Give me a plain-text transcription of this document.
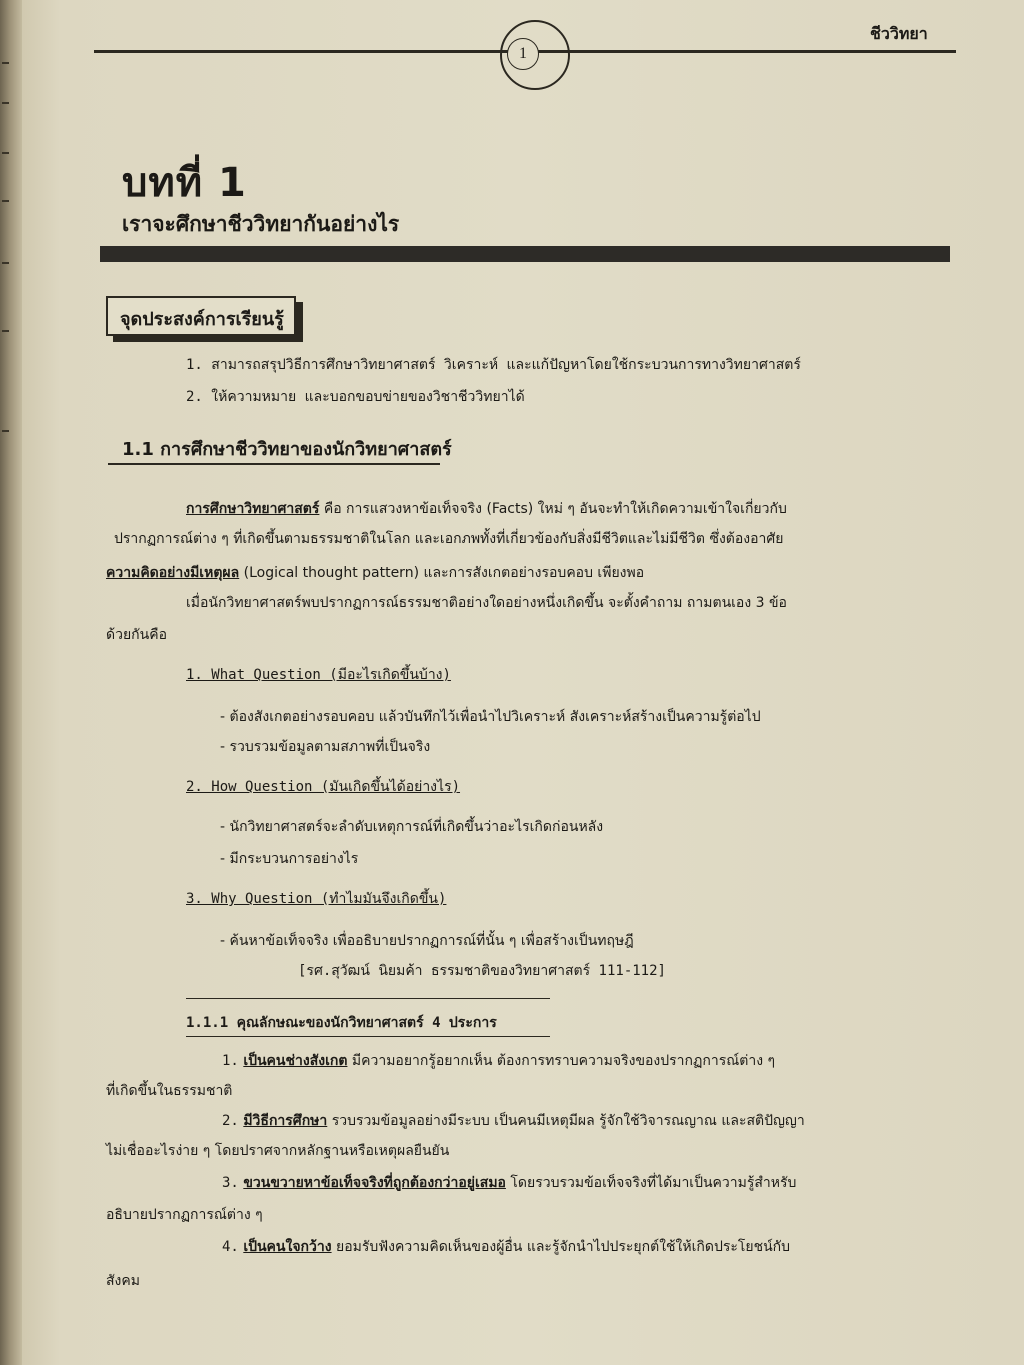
1
ชีววิทยา
บทที่ 1
เราจะศึกษาชีววิทยากันอย่างไร
จุดประสงค์การเรียนรู้
1. สามารถสรุปวิธีการศึกษาวิทยาศาสตร์ วิเคราะห์ และแก้ปัญหาโดยใช้กระบวนการทางวิทยาศาสตร์
2. ให้ความหมาย และบอกขอบข่ายของวิชาชีววิทยาได้
1.1 การศึกษาชีววิทยาของนักวิทยาศาสตร์
การศึกษาวิทยาศาสตร์ คือ การแสวงหาข้อเท็จจริง (Facts) ใหม่ ๆ อันจะทำให้เกิดความเข้าใจเกี่ยวกับ
ปรากฏการณ์ต่าง ๆ ที่เกิดขึ้นตามธรรมชาติในโลก และเอกภพทั้งที่เกี่ยวข้องกับสิ่งมีชีวิตและไม่มีชีวิต ซึ่งต้องอาศัย
ความคิดอย่างมีเหตุผล (Logical thought pattern) และการสังเกตอย่างรอบคอบ เพียงพอ
เมื่อนักวิทยาศาสตร์พบปรากฏการณ์ธรรมชาติอย่างใดอย่างหนึ่งเกิดขึ้น จะตั้งคำถาม ถามตนเอง 3 ข้อ
ด้วยกันคือ
1. What Question (มีอะไรเกิดขึ้นบ้าง)
- ต้องสังเกตอย่างรอบคอบ แล้วบันทึกไว้เพื่อนำไปวิเคราะห์ สังเคราะห์สร้างเป็นความรู้ต่อไป
- รวบรวมข้อมูลตามสภาพที่เป็นจริง
2. How Question (มันเกิดขึ้นได้อย่างไร)
- นักวิทยาศาสตร์จะลำดับเหตุการณ์ที่เกิดขึ้นว่าอะไรเกิดก่อนหลัง
- มีกระบวนการอย่างไร
3. Why Question (ทำไมมันจึงเกิดขึ้น)
- ค้นหาข้อเท็จจริง เพื่ออธิบายปรากฏการณ์ที่นั้น ๆ เพื่อสร้างเป็นทฤษฎี
[รศ.สุวัฒน์ นิยมค้า ธรรมชาติของวิทยาศาสตร์ 111-112]
1.1.1 คุณลักษณะของนักวิทยาศาสตร์ 4 ประการ
1. เป็นคนช่างสังเกต มีความอยากรู้อยากเห็น ต้องการทราบความจริงของปรากฏการณ์ต่าง ๆ
ที่เกิดขึ้นในธรรมชาติ
2. มีวิธีการศึกษา รวบรวมข้อมูลอย่างมีระบบ เป็นคนมีเหตุมีผล รู้จักใช้วิจารณญาณ และสติปัญญา
ไม่เชื่ออะไรง่าย ๆ โดยปราศจากหลักฐานหรือเหตุผลยืนยัน
3. ขวนขวายหาข้อเท็จจริงที่ถูกต้องกว่าอยู่เสมอ โดยรวบรวมข้อเท็จจริงที่ได้มาเป็นความรู้สำหรับ
อธิบายปรากฏการณ์ต่าง ๆ
4. เป็นคนใจกว้าง ยอมรับฟังความคิดเห็นของผู้อื่น และรู้จักนำไปประยุกต์ใช้ให้เกิดประโยชน์กับ
สังคม
